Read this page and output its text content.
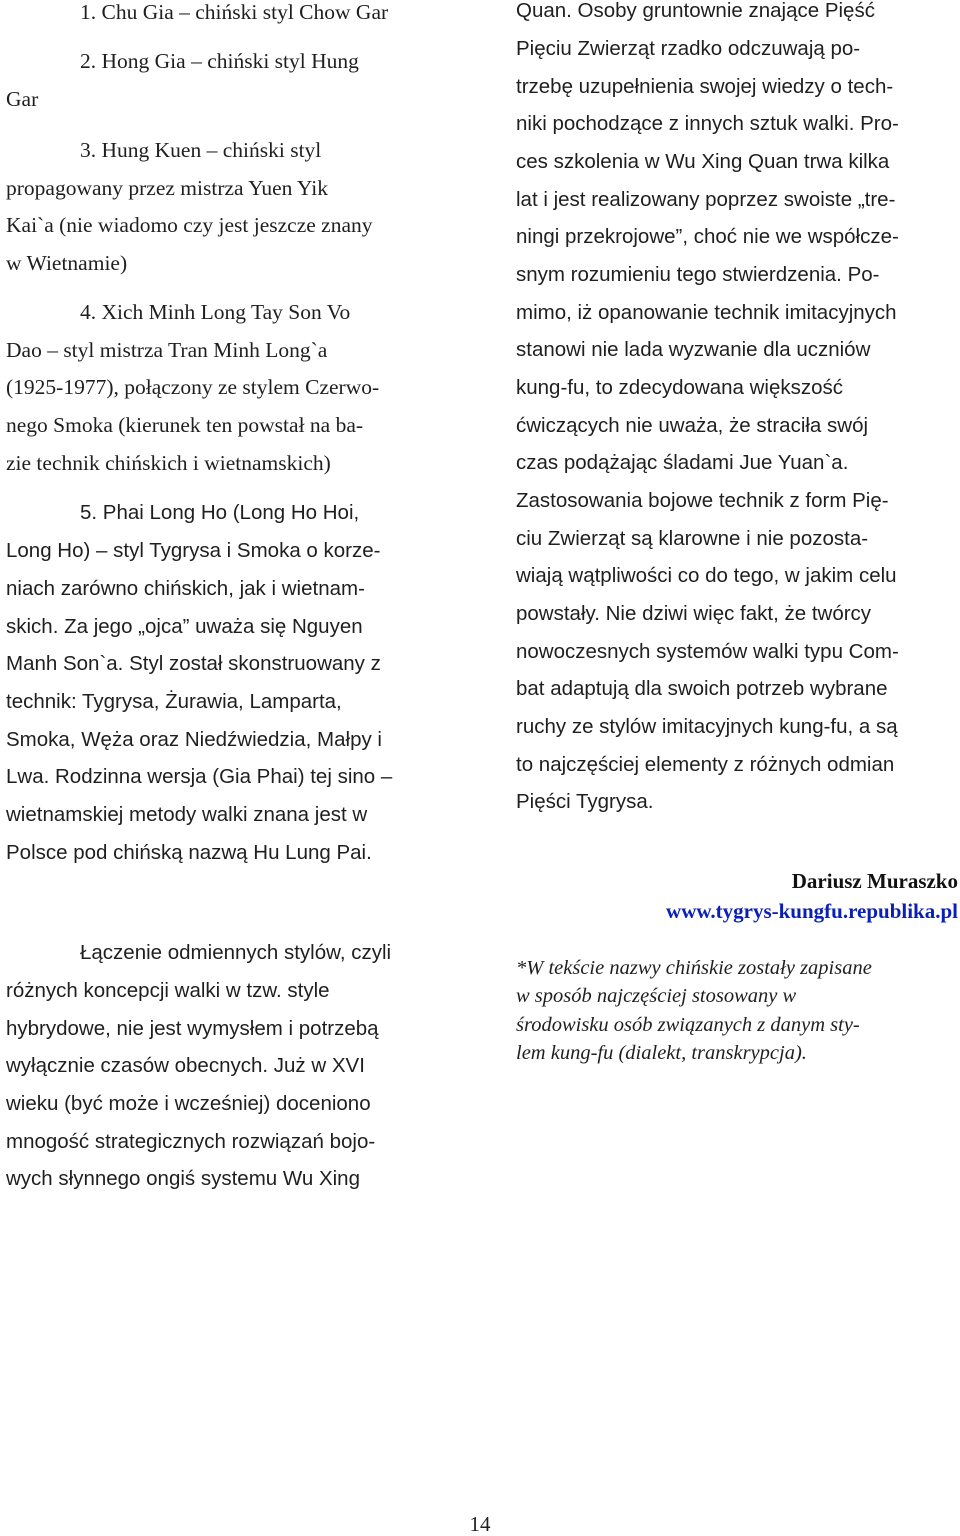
1. Chu Gia – chiński styl Chow Gar
2. Hong Gia – chiński styl Hung
Gar
3. Hung Kuen – chiński styl
propagowany przez mistrza Yuen Yik
Kai`a (nie wiadomo czy jest jeszcze znany
w Wietnamie)
4. Xich Minh Long Tay Son Vo
Dao – styl mistrza Tran Minh Long`a
(1925-1977), połączony ze stylem Czerwo-
nego Smoka (kierunek ten powstał na ba-
zie technik chińskich i wietnamskich)
5. Phai Long Ho (Long Ho Hoi,
Long Ho) – styl Tygrysa i Smoka o korze-
niach zarówno chińskich, jak i wietnam-
skich. Za jego „ojca” uważa się Nguyen
Manh Son`a. Styl został skonstruowany z
technik: Tygrysa, Żurawia, Lamparta,
Smoka, Węża oraz Niedźwiedzia, Małpy i
Lwa. Rodzinna wersja (Gia Phai) tej sino –
wietnamskiej metody walki znana jest w
Polsce pod chińską nazwą Hu Lung Pai.
Łączenie odmiennych stylów, czyli
różnych koncepcji walki w tzw. style
hybrydowe, nie jest wymysłem i potrzebą
wyłącznie czasów obecnych. Już w XVI
wieku (być może i wcześniej) doceniono
mnogość strategicznych rozwiązań bojo-
wych słynnego ongiś systemu Wu Xing
Quan. Osoby gruntownie znające Pięść
Pięciu Zwierząt rzadko odczuwają po-
trzebę uzupełnienia swojej wiedzy o tech-
niki pochodzące z innych sztuk walki. Pro-
ces szkolenia w Wu Xing Quan trwa kilka
lat i jest realizowany poprzez swoiste „tre-
ningi przekrojowe”, choć nie we współcze-
snym rozumieniu tego stwierdzenia. Po-
mimo, iż opanowanie technik imitacyjnych
stanowi nie lada wyzwanie dla uczniów
kung-fu, to zdecydowana większość
ćwiczących nie uważa, że straciła swój
czas podążając śladami Jue Yuan`a.
Zastosowania bojowe technik z form Pię-
ciu Zwierząt są klarowne i nie pozosta-
wiają wątpliwości co do tego, w jakim celu
powstały. Nie dziwi więc fakt, że twórcy
nowoczesnych systemów walki typu Com-
bat adaptują dla swoich potrzeb wybrane
ruchy ze stylów imitacyjnych kung-fu, a są
to najczęściej elementy z różnych odmian
Pięści Tygrysa.
Dariusz Muraszko
www.tygrys-kungfu.republika.pl
*W tekście nazwy chińskie zostały zapisane
w sposób najczęściej stosowany w
środowisku osób związanych z danym sty-
lem kung-fu (dialekt, transkrypcja).
14
